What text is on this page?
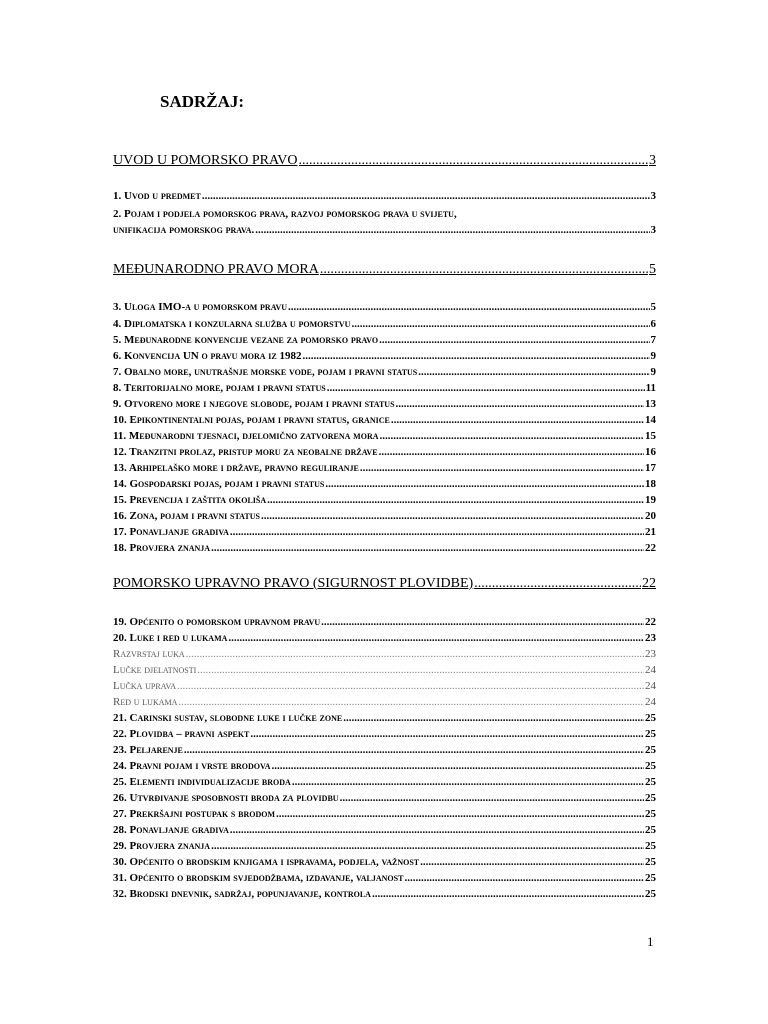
SADRŽAJ:
UVOD U POMORSKO PRAVO .....	3
1. Uvod u predmet .....	3
2. Pojam i podjela pomorskog prava, razvoj pomorskog prava u svijetu,
unifikacija pomorskog prava. .....	3
MEĐUNARODNO PRAVO MORA .....	5
3. Uloga IMO-a u pomorskom pravu .....	5
4. Diplomatska i konzularna služba u pomorstvu .....	6
5. Međunarodne konvencije vezane za pomorsko pravo .....	7
6. Konvencija UN o pravu mora iz 1982 .....	9
7. Obalno more, unutrašnje morske vode, pojam i pravni status .....	9
8. Teritorijalno more, pojam i pravni status .....	11
9. Otvoreno more i njegove slobode, pojam i pravni status .....	13
10. Epikontinentalni pojas, pojam i pravni status, granice .....	14
11. Međunarodni tjesnaci, djelomično zatvorena mora .....	15
12. Tranzitni prolaz, pristup moru za neobalne države .....	16
13. Arhipelaško more i države, pravno reguliranje .....	17
14. Gospodarski pojas, pojam i pravni status .....	18
15. Prevencija i zaštita okoliša .....	19
16. Zona, pojam i pravni status .....	20
17. Ponavljanje gradiva .....	21
18. Provjera znanja .....	22
POMORSKO UPRAVNO PRAVO (SIGURNOST PLOVIDBE) .....	22
19. Općenito o pomorskom upravnom pravu .....	22
20. Luke i red u lukama .....	23
Razvrstaj luka .....	23
Lučke djelatnosti .....	24
Lučka uprava .....	24
Red u lukama .....	24
21. Carinski sustav, slobodne luke i lučke zone .....	25
22. Plovidba – pravni aspekt .....	25
23. Peljarenje .....	25
24. Pravni pojam i vrste brodova .....	25
25. Elementi individualizacije broda .....	25
26. Utvrđivanje sposobnosti broda za plovidbu .....	25
27. Prekršajni postupak s brodom .....	25
28. Ponavljanje gradiva .....	25
29. Provjera znanja .....	25
30. Općenito o brodskim knjigama i ispravama, podjela, važnost .....	25
31. Općenito o brodskim svjedodžbama, izdavanje, valjanost .....	25
32. Brodski dnevnik, sadržaj, popunjavanje, kontrola .....	25
1
